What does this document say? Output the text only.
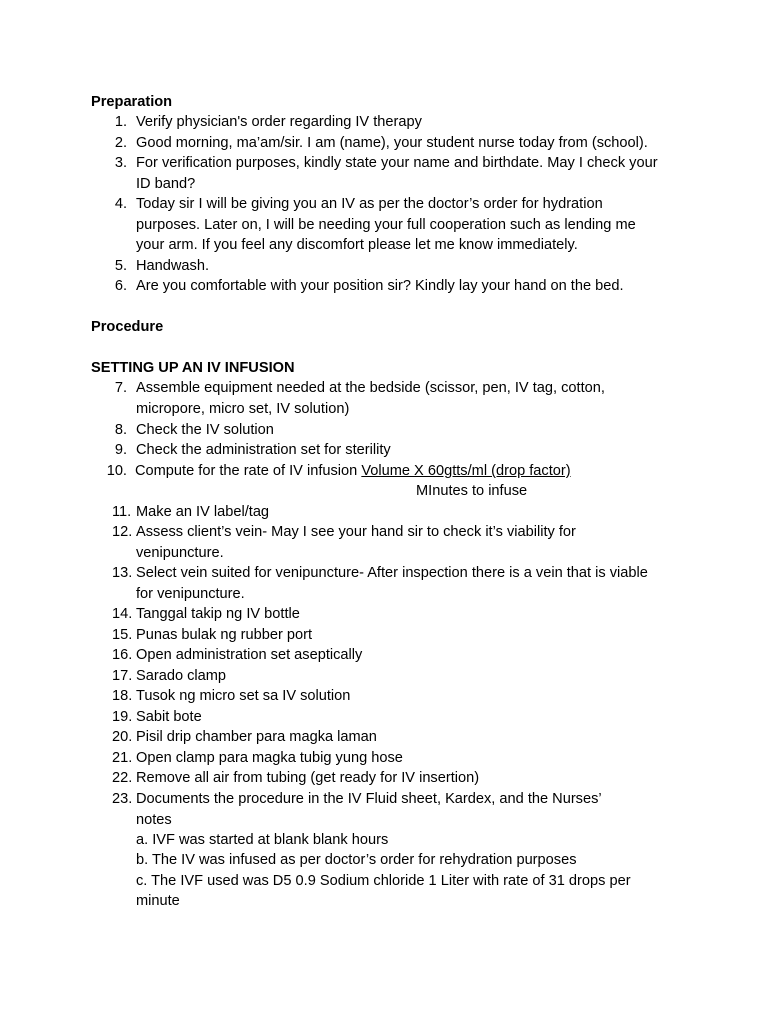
Preparation
1. Verify physician's order regarding IV therapy
2. Good morning, ma’am/sir. I am (name), your student nurse today from (school).
3. For verification purposes, kindly state your name and birthdate. May I check your
ID band?
4. Today sir I will be giving you an IV as per the doctor’s order for hydration
purposes. Later on, I will be needing your full cooperation such as lending me
your arm. If you feel any discomfort please let me know immediately.
5. Handwash.
6. Are you comfortable with your position sir? Kindly lay your hand on the bed.
Procedure
SETTING UP AN IV INFUSION
7. Assemble equipment needed at the bedside (scissor, pen, IV tag, cotton,
micropore, micro set, IV solution)
8. Check the IV solution
9. Check the administration set for sterility
10. Compute for the rate of IV infusion Volume X 60gtts/ml (drop factor)
MInutes to infuse
11. Make an IV label/tag
12. Assess client’s vein- May I see your hand sir to check it’s viability for
venipuncture.
13. Select vein suited for venipuncture- After inspection there is a vein that is viable
for venipuncture.
14. Tanggal takip ng IV bottle
15. Punas bulak ng rubber port
16. Open administration set aseptically
17. Sarado clamp
18. Tusok ng micro set sa IV solution
19. Sabit bote
20. Pisil drip chamber para magka laman
21. Open clamp para magka tubig yung hose
22. Remove all air from tubing (get ready for IV insertion)
23. Documents the procedure in the IV Fluid sheet, Kardex, and the Nurses’
notes
a. IVF was started at blank blank hours
b. The IV was infused as per doctor’s order for rehydration purposes
c. The IVF used was D5 0.9 Sodium chloride 1 Liter with rate of 31 drops per
minute
